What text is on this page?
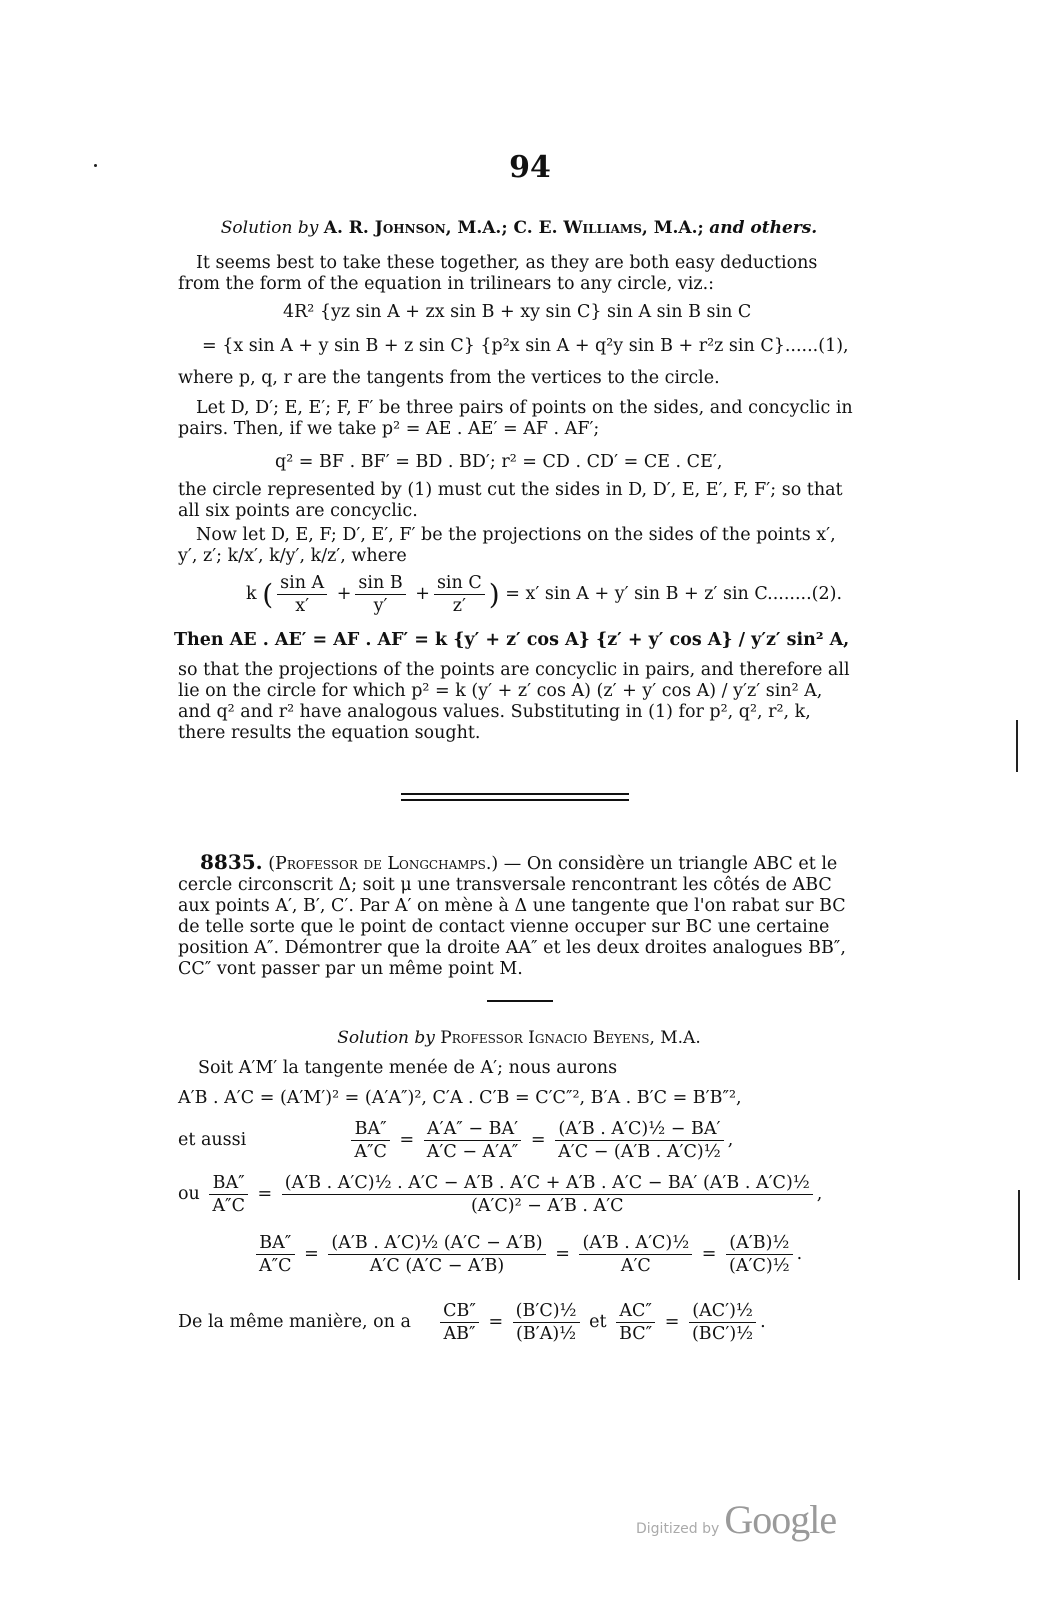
94
Solution by A. R. Johnson, M.A.; C. E. Williams, M.A.; and others.
It seems best to take these together, as they are both easy deductions from the form of the equation in trilinears to any circle, viz.:
4R² {yz sin A + zx sin B + xy sin C} sin A sin B sin C
= {x sin A + y sin B + z sin C} {p²x sin A + q²y sin B + r²z sin C}......(1),
where p, q, r are the tangents from the vertices to the circle.
Let D, D′; E, E′; F, F′ be three pairs of points on the sides, and concyclic in pairs. Then, if we take p² = AE . AE′ = AF . AF′;
q² = BF . BF′ = BD . BD′; r² = CD . CD′ = CE . CE′,
the circle represented by (1) must cut the sides in D, D′, E, E′, F, F′; so that all six points are concyclic.
Now let D, E, F; D′, E′, F′ be the projections on the sides of the points x′, y′, z′; k/x′, k/y′, k/z′, where
k ( $\frac{\text{sin A}}{x'} + \frac{\text{sin B}}{y'} + \frac{\text{sin C}}{z'}$ ) = x′ sin A + y′ sin B + z′ sin C........(2).
Then AE . AE′ = AF . AF′ = k {y′ + z′ cos A} {z′ + y′ cos A} / y′z′ sin² A,
so that the projections of the points are concyclic in pairs, and therefore all lie on the circle for which p² = k (y′ + z′ cos A) (z′ + y′ cos A) / y′z′ sin² A, and q² and r² have analogous values. Substituting in (1) for p², q², r², k, there results the equation sought.
8835. (Professor de Longchamps.) — On considère un triangle ABC et le cercle circonscrit Δ; soit μ une transversale rencontrant les côtés de ABC aux points A′, B′, C′. Par A′ on mène à Δ une tangente que l'on rabat sur BC de telle sorte que le point de contact vienne occuper sur BC une certaine position A″. Démontrer que la droite AA″ et les deux droites analogues BB″, CC″ vont passer par un même point M.
Solution by Professor Ignacio Beyens, M.A.
Soit A′M′ la tangente menée de A′; nous aurons
A′B . A′C = (A′M′)² = (A′A″)², C′A . C′B = C′C″², B′A . B′C = B′B″²,
et aussi	$\frac{BA''}{A''C} = \frac{A'A'' - BA'}{A'C - A'A''} = \frac{\text{(A′B . A′C)½ − BA′}}{\text{A′C − (A′B . A′C)½}}$ ,
ou $\frac{BA''}{A''C}$ =
(A′B . A′C)½ . A′C − A′B . A′C + A′B . A′C − BA′ (A′B . A′C)½
(A′C)² − A′B . A′C
,
$\frac{BA''}{A''C} = \frac{\text{(A′B . A′C)½ (A′C − A′B)}}{A'C (A'C - A'B)} = \frac{\text{(A′B . A′C)½}}{A'C} = \frac{\text{(A′B)½}}{\text{(A′C)½}}$ .
De la même manière, on a $\frac{CB''}{AB''} = \frac{\text{(B′C)½}}{\text{(B′A)½}}$ et $\frac{AC''}{BC''} = \frac{\text{(AC′)½}}{\text{(BC′)½}}$ .
Digitized by Google
